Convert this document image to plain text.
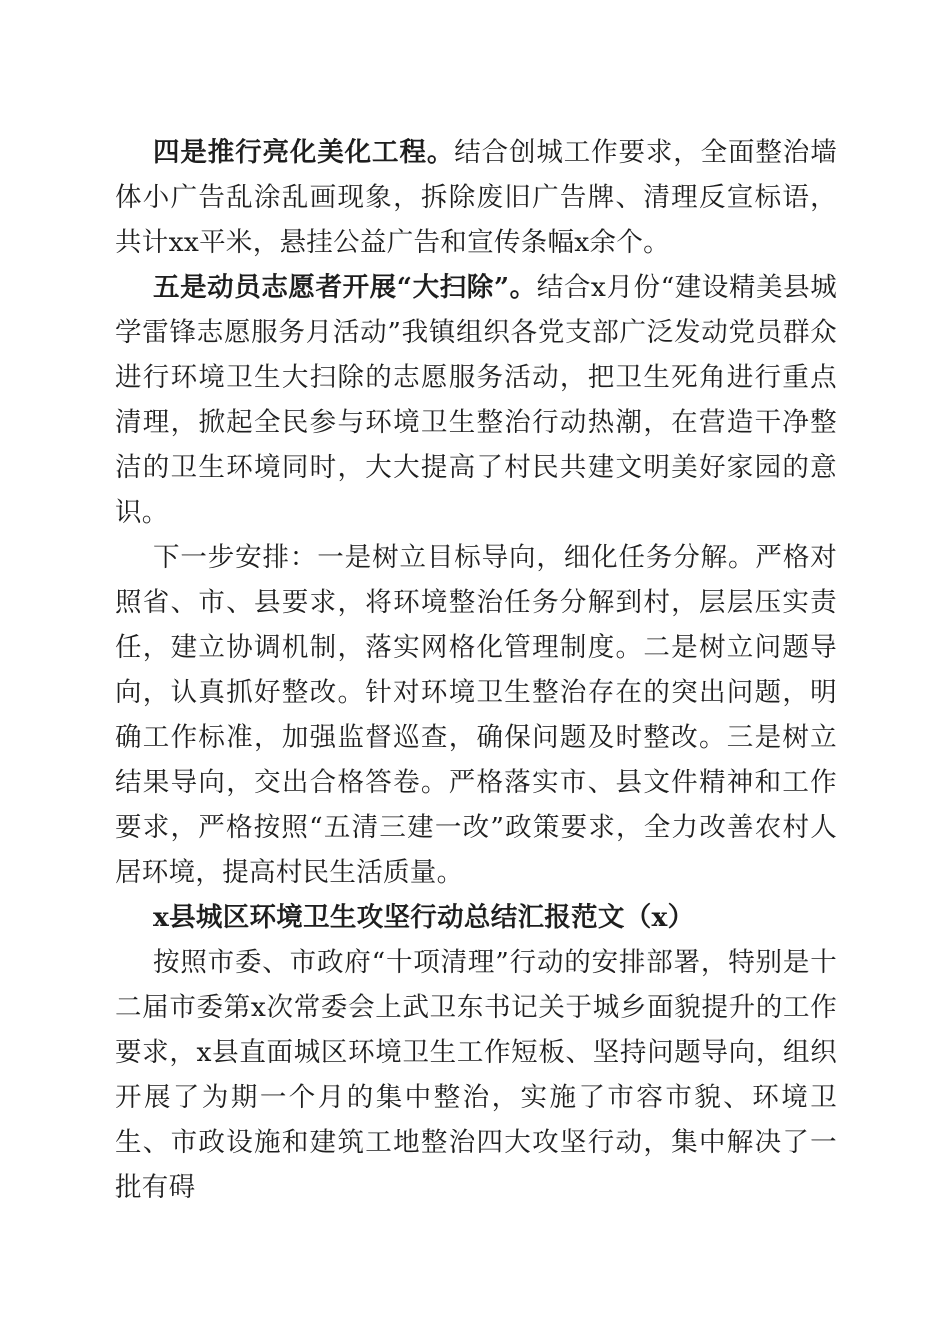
四是推行亮化美化工程。结合创城工作要求，全面整治墙体小广告乱涂乱画现象，拆除废旧广告牌、清理反宣标语，共计xx平米，悬挂公益广告和宣传条幅x余个。

五是动员志愿者开展“大扫除”。结合x月份“建设精美县城学雷锋志愿服务月活动”我镇组织各党支部广泛发动党员群众进行环境卫生大扫除的志愿服务活动，把卫生死角进行重点清理，掀起全民参与环境卫生整治行动热潮，在营造干净整洁的卫生环境同时，大大提高了村民共建文明美好家园的意识。

下一步安排：一是树立目标导向，细化任务分解。严格对照省、市、县要求，将环境整治任务分解到村，层层压实责任，建立协调机制，落实网格化管理制度。二是树立问题导向，认真抓好整改。针对环境卫生整治存在的突出问题，明确工作标准，加强监督巡查，确保问题及时整改。三是树立结果导向，交出合格答卷。严格落实市、县文件精神和工作要求，严格按照“五清三建一改”政策要求，全力改善农村人居环境，提高村民生活质量。

x县城区环境卫生攻坚行动总结汇报范文（x）

按照市委、市政府“十项清理”行动的安排部署，特别是十二届市委第x次常委会上武卫东书记关于城乡面貌提升的工作要求，x县直面城区环境卫生工作短板、坚持问题导向，组织开展了为期一个月的集中整治，实施了市容市貌、环境卫生、市政设施和建筑工地整治四大攻坚行动，集中解决了一批有碍
